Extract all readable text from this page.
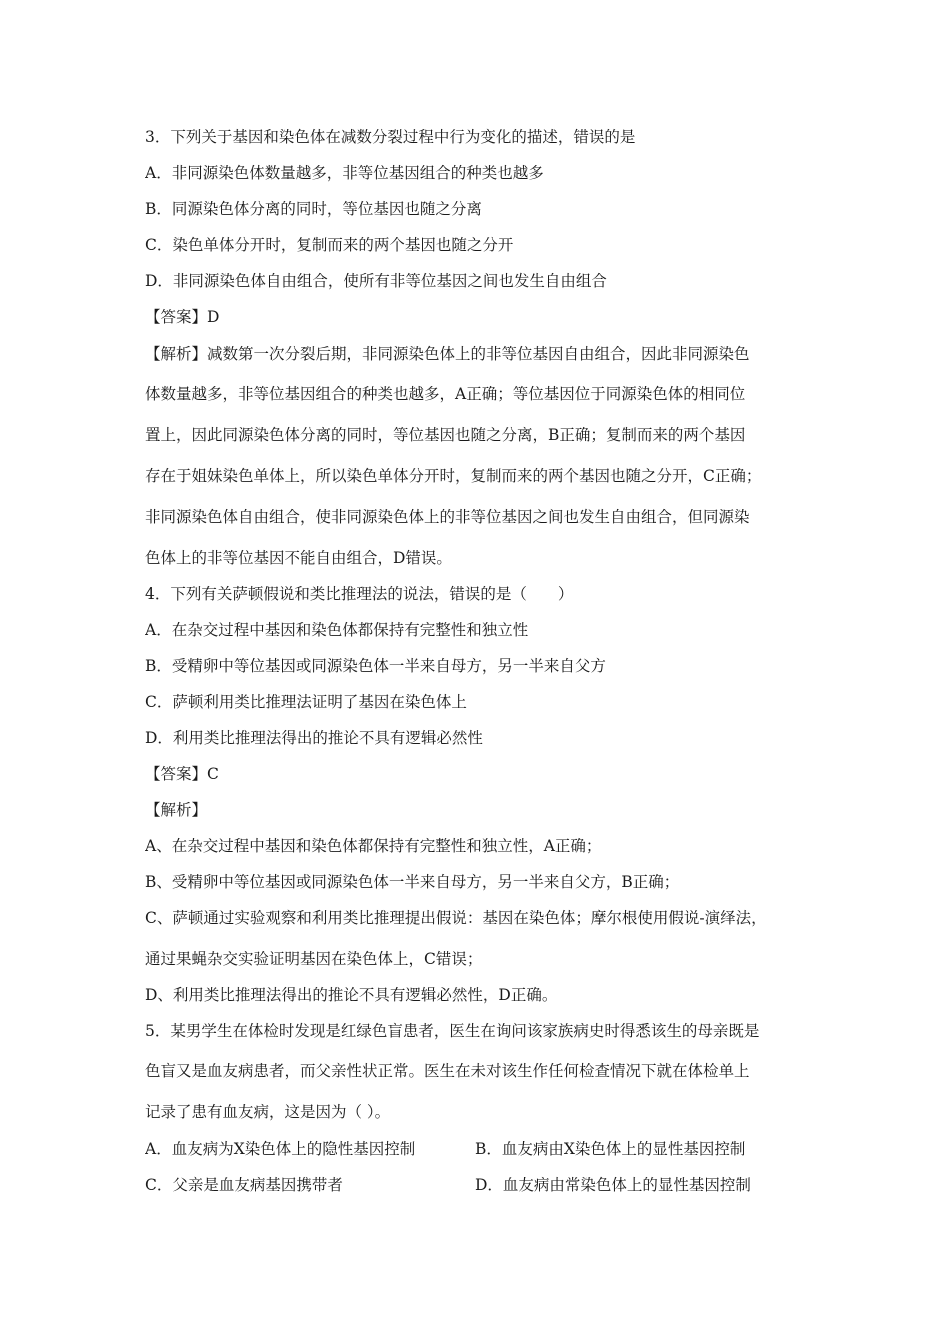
3．下列关于基因和染色体在减数分裂过程中行为变化的描述，错误的是
A．非同源染色体数量越多，非等位基因组合的种类也越多
B．同源染色体分离的同时，等位基因也随之分离
C．染色单体分开时，复制而来的两个基因也随之分开
D．非同源染色体自由组合，使所有非等位基因之间也发生自由组合
【答案】D
【解析】减数第一次分裂后期，非同源染色体上的非等位基因自由组合，因此非同源染色
体数量越多，非等位基因组合的种类也越多，A正确；等位基因位于同源染色体的相同位
置上，因此同源染色体分离的同时，等位基因也随之分离，B正确；复制而来的两个基因
存在于姐妹染色单体上，所以染色单体分开时，复制而来的两个基因也随之分开，C正确；
非同源染色体自由组合，使非同源染色体上的非等位基因之间也发生自由组合，但同源染
色体上的非等位基因不能自由组合，D错误。
4．下列有关萨顿假说和类比推理法的说法，错误的是（　　）
A．在杂交过程中基因和染色体都保持有完整性和独立性
B．受精卵中等位基因或同源染色体一半来自母方，另一半来自父方
C．萨顿利用类比推理法证明了基因在染色体上
D．利用类比推理法得出的推论不具有逻辑必然性
【答案】C
【解析】
A、在杂交过程中基因和染色体都保持有完整性和独立性，A正确；
B、受精卵中等位基因或同源染色体一半来自母方，另一半来自父方，B正确；
C、萨顿通过实验观察和利用类比推理提出假说：基因在染色体；摩尔根使用假说-演绎法，
通过果蝇杂交实验证明基因在染色体上，C错误；
D、利用类比推理法得出的推论不具有逻辑必然性，D正确。
5．某男学生在体检时发现是红绿色盲患者，医生在询问该家族病史时得悉该生的母亲既是
色盲又是血友病患者，而父亲性状正常。医生在未对该生作任何检查情况下就在体检单上
记录了患有血友病，这是因为（ ）。
A．血友病为X染色体上的隐性基因控制	B．血友病由X染色体上的显性基因控制
C．父亲是血友病基因携带者	D．血友病由常染色体上的显性基因控制
